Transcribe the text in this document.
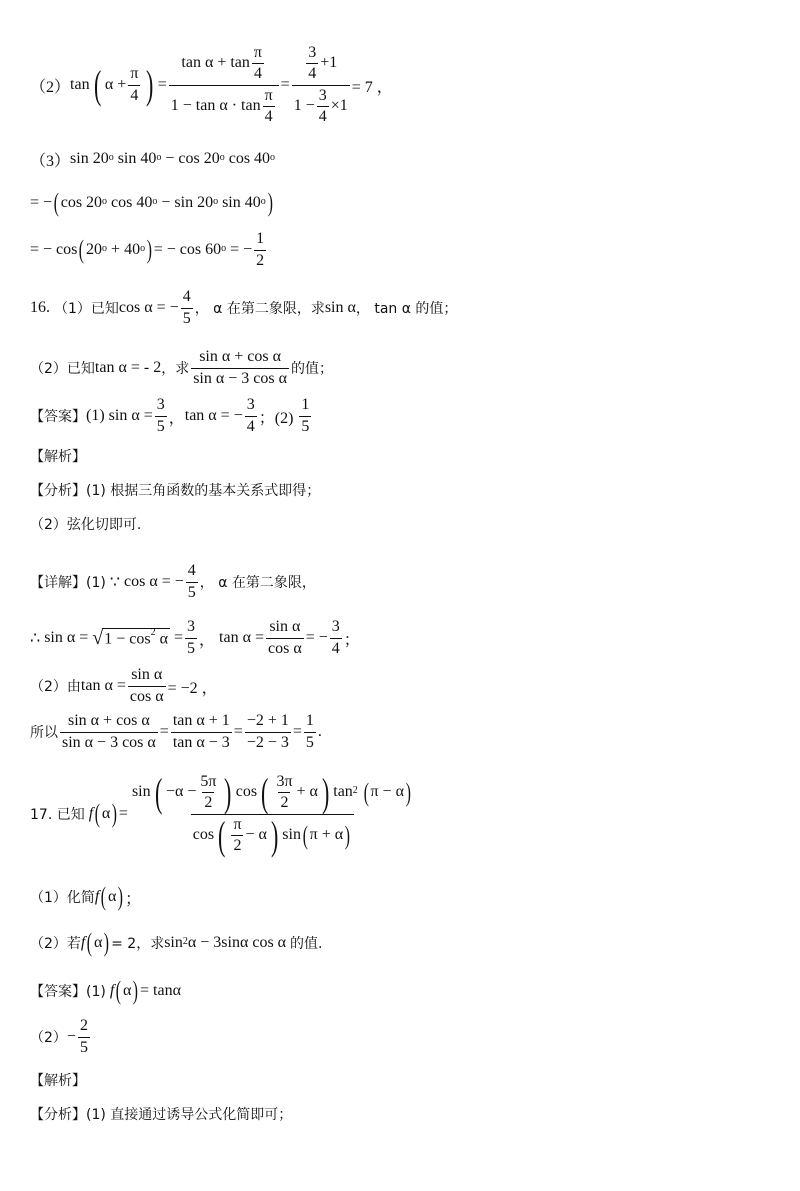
（2） tan ( α
+ $\frac{\pi}{4}$ ) = $\frac{\tan \alpha + \tan \frac{\pi}{4}}{1 - \tan \alpha \cdot \tan \frac{\pi}{4}} = \frac{\frac{3}{4} +1}{1 - \frac{3}{4} \times 1} = 7$ ，
（3） sin 20 o
sin 40 o
− cos 20 o
cos 40 o
= − ( cos 20 o
cos 40 o
− sin 20 o
sin 40 o )
= − cos ( 20 o
+ 40 o ) = − cos 60 o
= − $\frac{1}{2}$
16.
（1）已知 cos α = − $\frac{4}{5}$ ， α 在第二象限，求 sin α ， tan α 的值；
（2）已知 tan α = - 2 ，求 $\frac{\text{sin α + cos α}}{\text{sin α − 3 cos α}}$ 的值；
【答案】 (1)
$\sin \alpha = \frac{3}{5}$ ， tan α = − $\frac{3}{4}$ ；(2)
$\frac{1}{5}$
【解析】
【分析】(1) 根据三角函数的基本关系式即得；
（2）弦化切即可.
【详解】(1)
∵
cos α = − $\frac{4}{5}$ ， α 在第二象限，
∴
sin α =
√ $1 - \cos^2 \alpha$
= $\frac{3}{5}$ ，
$\tan \alpha = \frac{\text{sin α}}{\text{cos α}}$ = − $\frac{3}{4}$ ；
（2）由 $\tan \alpha = \frac{\text{sin α}}{\text{cos α}} = -2$ ，
所以 $\frac{\text{sin α + cos α}}{\text{sin α − 3 cos α}} = \frac{\text{tan α + 1}}{\text{tan α − 3}} = \frac{-2 + 1}{-2 - 3} = \frac{1}{5}$ .
17. 已知
f ( α ) = sin ( $-\alpha - \frac{5\pi}{2}$ ) cos ( $\frac{3\pi}{2} + \alpha$ ) tan 2
( π − α )
cos ( $\frac{\pi}{2} - \alpha$ ) sin ( π + α )
（1）化简 f ( α ) ；
（2）若 f ( α ) = 2，求 sin 2 α − 3sinα cos α
的值.
【答案】(1)
f ( α ) = tanα
$(2) - \frac{2}{5}$
【解析】
【分析】(1) 直接通过诱导公式化简即可；
